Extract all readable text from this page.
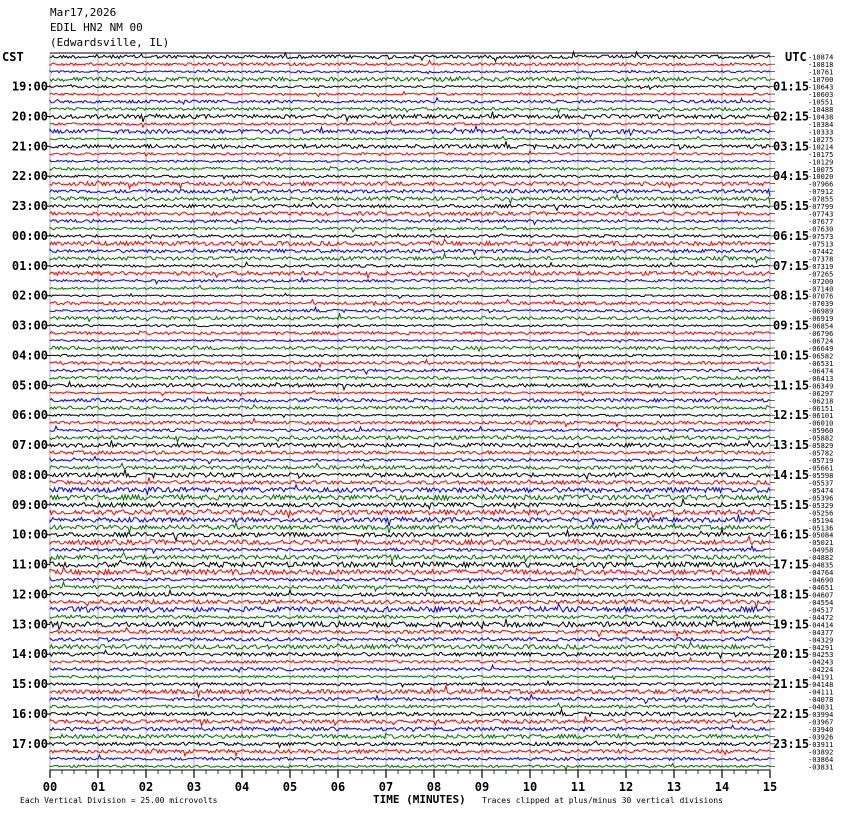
Mar17,2026
EDIL HN2 NM 00
(Edwardsville, IL)
CST	UTC
Each Vertical Division = 25.00 microvolts	TIME (MINUTES) Traces clipped at plus/minus 30 vertical divisions
00	01	02	03	04	05	06	07	08	09	10	11	12	13	14	15
-10874
-10818
-10761
-10700
-10643
-10603
-10551
-10488
-10438
-10384
-10333
-10275
-10214
-10175
-10129
-10075
-10020
-07966
-07912
-07855
-07799
-07743
-07677
-07630
-07573
-07513
-07442
-07378
-07319
-07265
-07200
-07140
-07076
-07039
-06989
-06919
-06854
-06796
-06724
-06649
-06582
-06531
-06474
-06413
-06349
-06297
-06218
-06151
-06101
-06010
-05960
-05882
-05829
-05782
-05719
-05661
-05598
-05537
-05474
-05396
-05329
-05256
-05194
-05136
-05084
-05021
-04958
-04882
-04835
-04764
-04690
-04651
-04607
-04554
-04517
-04472
-04414
-04377
-04329
-04291
-04253
-04243
-04224
-04191
-04148
-04111
-04078
-04031
-03994
-03967
-03940
-03926
-03911
-03892
-03864
-03831
19:00
20:00
21:00
22:00
23:00
00:00
01:00
02:00
03:00
04:00
05:00
06:00
07:00
08:00
09:00
10:00
11:00
12:00
13:00
14:00
15:00
16:00
17:00
01:15
02:15
03:15
04:15
05:15
06:15
07:15
08:15
09:15
10:15
11:15
12:15
13:15
14:15
15:15
16:15
17:15
18:15
19:15
20:15
21:15
22:15
23:15
